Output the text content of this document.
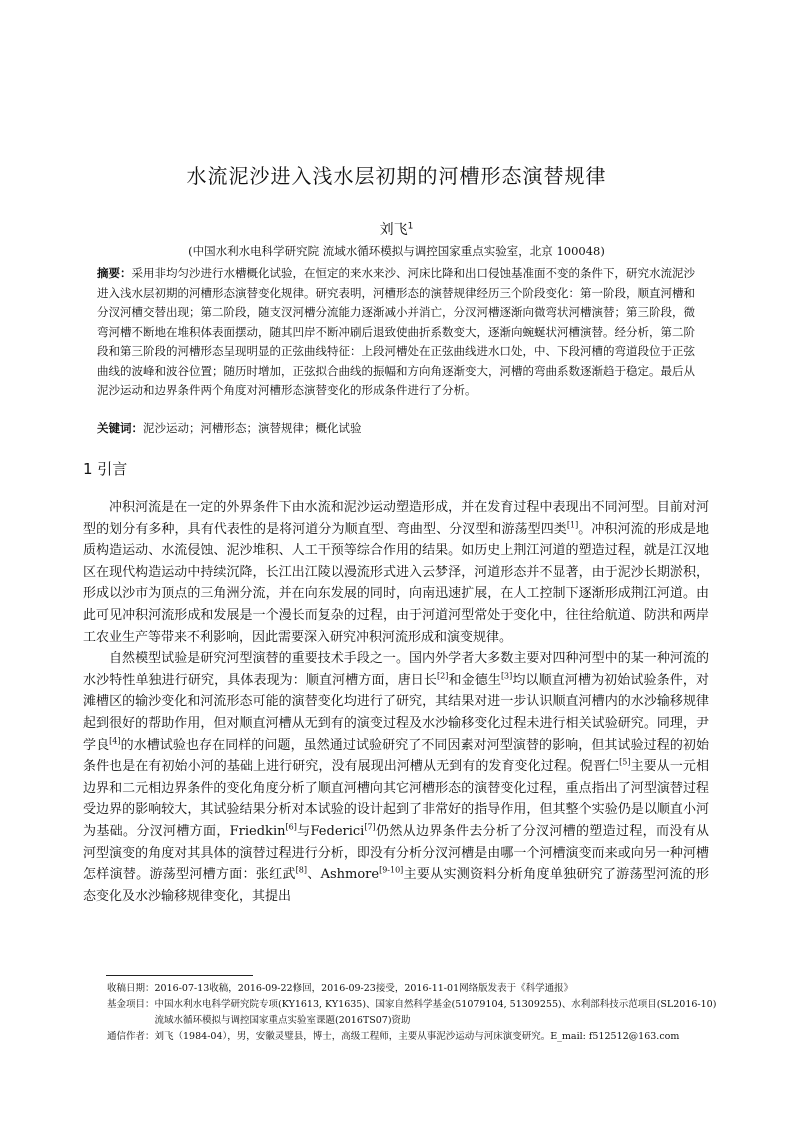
水流泥沙进入浅水层初期的河槽形态演替规律
刘飞$^1$
(中国水利水电科学研究院 流域水循环模拟与调控国家重点实验室，北京 100048)
摘要：采用非均匀沙进行水槽概化试验，在恒定的来水来沙、河床比降和出口侵蚀基准面不变的条件下，研究水流泥沙进入浅水层初期的河槽形态演替变化规律。研究表明，河槽形态的演替规律经历三个阶段变化：第一阶段，顺直河槽和分汊河槽交替出现；第二阶段，随支汊河槽分流能力逐渐减小并消亡，分汊河槽逐渐向微弯状河槽演替；第三阶段，微弯河槽不断地在堆积体表面摆动，随其凹岸不断冲刷后退致使曲折系数变大，逐渐向蜿蜒状河槽演替。经分析，第二阶段和第三阶段的河槽形态呈现明显的正弦曲线特征：上段河槽处在正弦曲线进水口处，中、下段河槽的弯道段位于正弦曲线的波峰和波谷位置；随历时增加，正弦拟合曲线的振幅和方向角逐渐变大，河槽的弯曲系数逐渐趋于稳定。最后从泥沙运动和边界条件两个角度对河槽形态演替变化的形成条件进行了分析。
关键词：泥沙运动；河槽形态；演替规律；概化试验
1 引言

冲积河流是在一定的外界条件下由水流和泥沙运动塑造形成，并在发育过程中表现出不同河型。目前对河型的划分有多种，具有代表性的是将河道分为顺直型、弯曲型、分汊型和游荡型四类[1]。冲积河流的形成是地质构造运动、水流侵蚀、泥沙堆积、人工干预等综合作用的结果。如历史上荆江河道的塑造过程，就是江汉地区在现代构造运动中持续沉降，长江出江陵以漫流形式进入云梦泽，河道形态并不显著，由于泥沙长期淤积，形成以沙市为顶点的三角洲分流，并在向东发展的同时，向南迅速扩展，在人工控制下逐渐形成荆江河道。由此可见冲积河流形成和发展是一个漫长而复杂的过程，由于河道河型常处于变化中，往往给航道、防洪和两岸工农业生产等带来不利影响，因此需要深入研究冲积河流形成和演变规律。

自然模型试验是研究河型演替的重要技术手段之一。国内外学者大多数主要对四种河型中的某一种河流的水沙特性单独进行研究，具体表现为：顺直河槽方面，唐日长[2]和金德生[3]均以顺直河槽为初始试验条件，对滩槽区的输沙变化和河流形态可能的演替变化均进行了研究，其结果对进一步认识顺直河槽内的水沙输移规律起到很好的帮助作用，但对顺直河槽从无到有的演变过程及水沙输移变化过程未进行相关试验研究。同理，尹学良[4]的水槽试验也存在同样的问题，虽然通过试验研究了不同因素对河型演替的影响，但其试验过程的初始条件也是在有初始小河的基础上进行研究，没有展现出河槽从无到有的发育变化过程。倪晋仁[5]主要从一元相边界和二元相边界条件的变化角度分析了顺直河槽向其它河槽形态的演替变化过程，重点指出了河型演替过程受边界的影响较大，其试验结果分析对本试验的设计起到了非常好的指导作用，但其整个实验仍是以顺直小河为基础。分汊河槽方面，Friedkin[6]与Federici[7]仍然从边界条件去分析了分汊河槽的塑造过程，而没有从河型演变的角度对其具体的演替过程进行分析，即没有分析分汊河槽是由哪一个河槽演变而来或向另一种河槽怎样演替。游荡型河槽方面：张红武[8]、Ashmore[9-10]主要从实测资料分析角度单独研究了游荡型河流的形态变化及水沙输移规律变化，其提出

收稿日期： 2016-07-13收稿，2016-09-22修回，2016-09-23接受，2016-11-01网络版发表于《科学通报》
基金项目： 中国水利水电科学研究院专项(KY1613, KY1635)、国家自然科学基金(51079104, 51309255)、水利部科技示范项目(SL2016-10)流域水循环模拟与调控国家重点实验室课题(2016TS07)资助
通信作者： 刘飞（1984-04），男，安徽灵璧县，博士，高级工程师，主要从事泥沙运动与河床演变研究。E_mail: f512512@163.com
